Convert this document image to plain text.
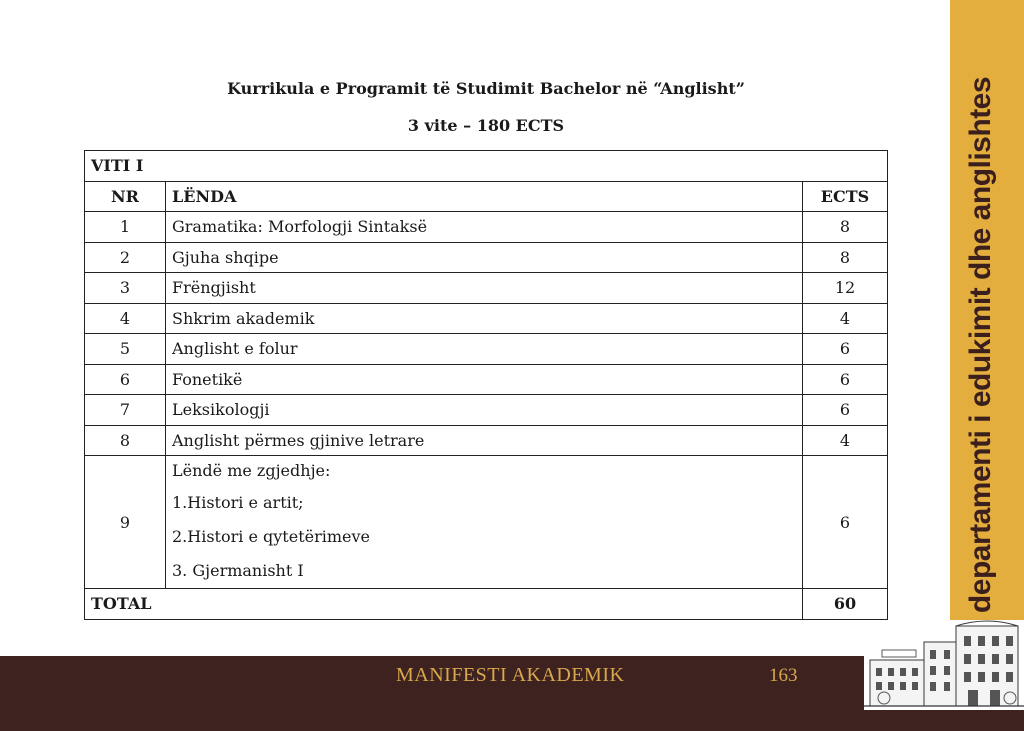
Kurrikula e Programit të Studimit Bachelor në “Anglisht”
3 vite – 180 ECTS
VITI I		
NR	LËNDA	ECTS
1	Gramatika: Morfologji Sintaksë	8
2	Gjuha shqipe	8
3	Frëngjisht	12
4	Shkrim akademik	4
5	Anglisht e folur	6
6	Fonetikë	6
7	Leksikologji	6
8	Anglisht përmes gjinive letrare	4
9	Lëndë me zgjedhje:
1.Histori e artit;
2.Histori e qytetërimeve
3. Gjermanisht I	6
TOTAL		60	departamenti i edukimit dhe anglishtes
MANIFESTI AKADEMIK	163
